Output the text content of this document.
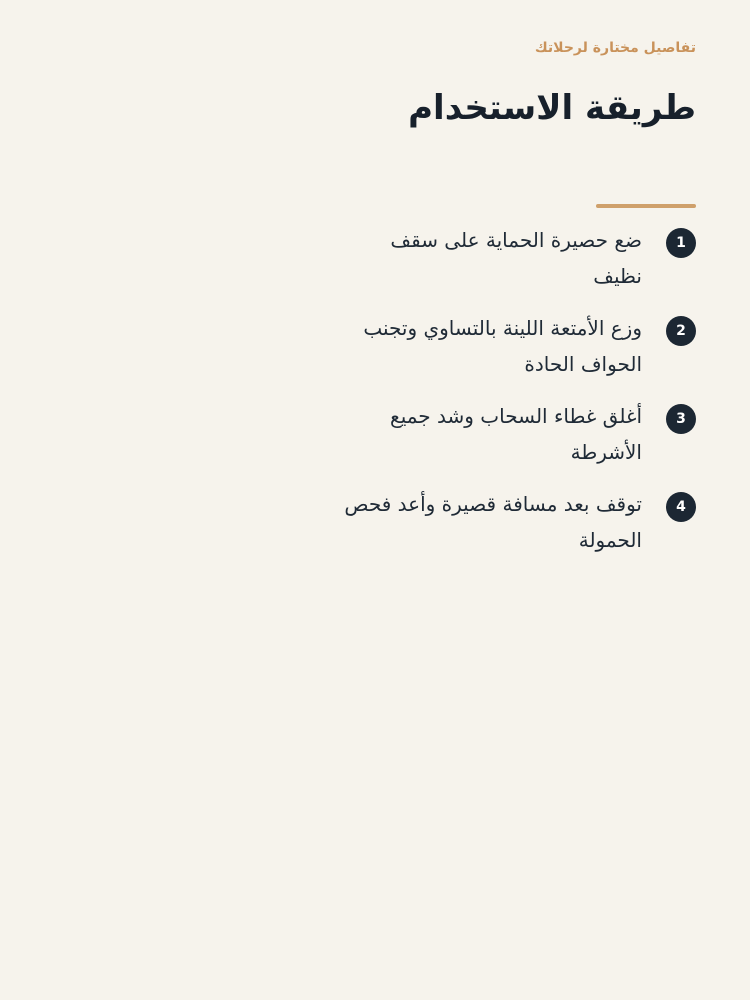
تفاصيل مختارة لرحلاتك

طريقة الاستخدام
1
ضع حصيرة الحماية على سقف نظيف
2
وزع الأمتعة اللينة بالتساوي وتجنب الحواف الحادة
3
أغلق غطاء السحاب وشد جميع الأشرطة
4
توقف بعد مسافة قصيرة وأعد فحص الحمولة
